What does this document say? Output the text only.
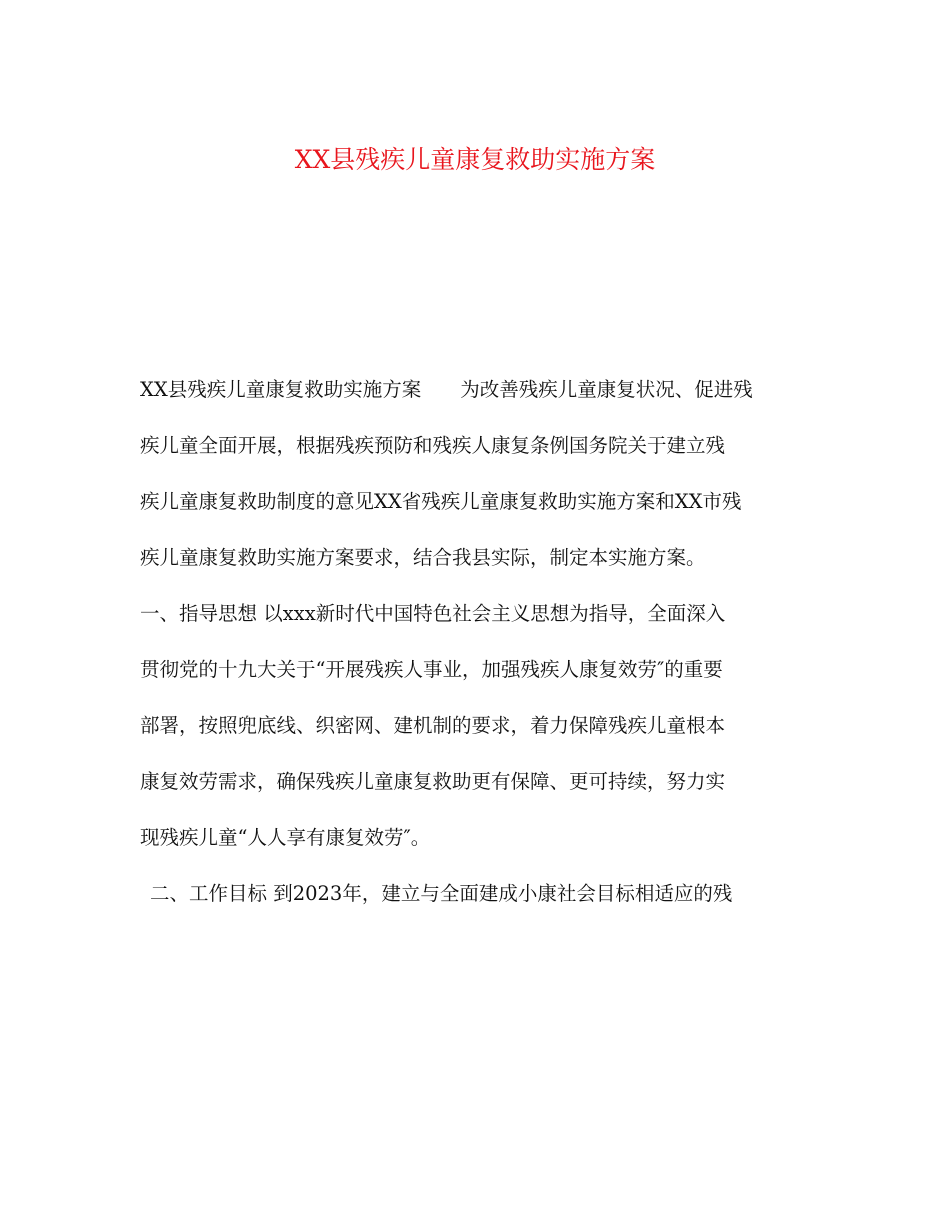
XX县残疾儿童康复救助实施方案
XX县残疾儿童康复救助实施方案　　为改善残疾儿童康复状况、促进残
疾儿童全面开展，根据残疾预防和残疾人康复条例国务院关于建立残
疾儿童康复救助制度的意见XX省残疾儿童康复救助实施方案和XX市残
疾儿童康复救助实施方案要求，结合我县实际，制定本实施方案。
一、指导思想 以xxx新时代中国特色社会主义思想为指导，全面深入
贯彻党的十九大关于“开展残疾人事业，加强残疾人康复效劳″的重要
部署，按照兜底线、织密网、建机制的要求，着力保障残疾儿童根本
康复效劳需求，确保残疾儿童康复救助更有保障、更可持续，努力实
现残疾儿童“人人享有康复效劳″。
二、工作目标 到2023年，建立与全面建成小康社会目标相适应的残
